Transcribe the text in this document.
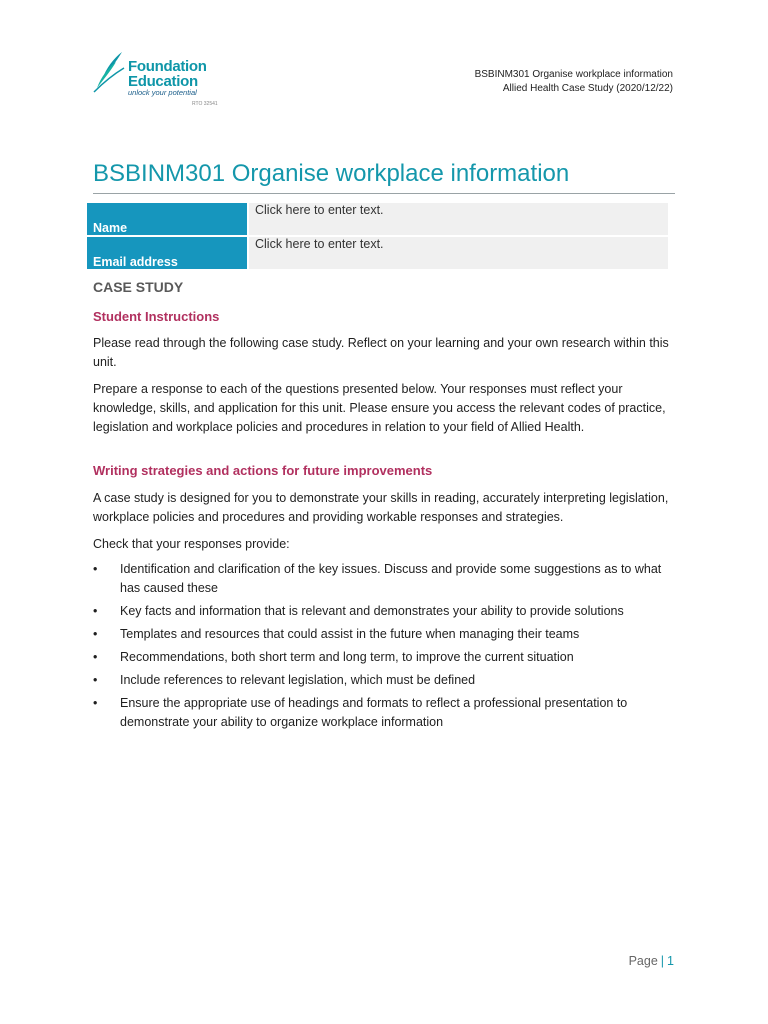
Foundation
Education
unlock your potential
RTO 32541
BSBINM301 Organise workplace information
Allied Health Case Study (2020/12/22)
BSBINM301 Organise workplace information
Name	Click here to enter text.
Email address	Click here to enter text.
CASE STUDY
Student Instructions

Please read through the following case study. Reflect on your learning and your own research within this unit.

Prepare a response to each of the questions presented below. Your responses must reflect your knowledge, skills, and application for this unit. Please ensure you access the relevant codes of practice, legislation and workplace policies and procedures in relation to your field of Allied Health.

Writing strategies and actions for future improvements

A case study is designed for you to demonstrate your skills in reading, accurately interpreting legislation, workplace policies and procedures and providing workable responses and strategies.

Check that your responses provide:

• Identification and clarification of the key issues. Discuss and provide some suggestions as to what has caused these
• Key facts and information that is relevant and demonstrates your ability to provide solutions
• Templates and resources that could assist in the future when managing their teams
• Recommendations, both short term and long term, to improve the current situation
• Include references to relevant legislation, which must be defined
• Ensure the appropriate use of headings and formats to reflect a professional presentation to demonstrate your ability to organize workplace information
Page | 1
